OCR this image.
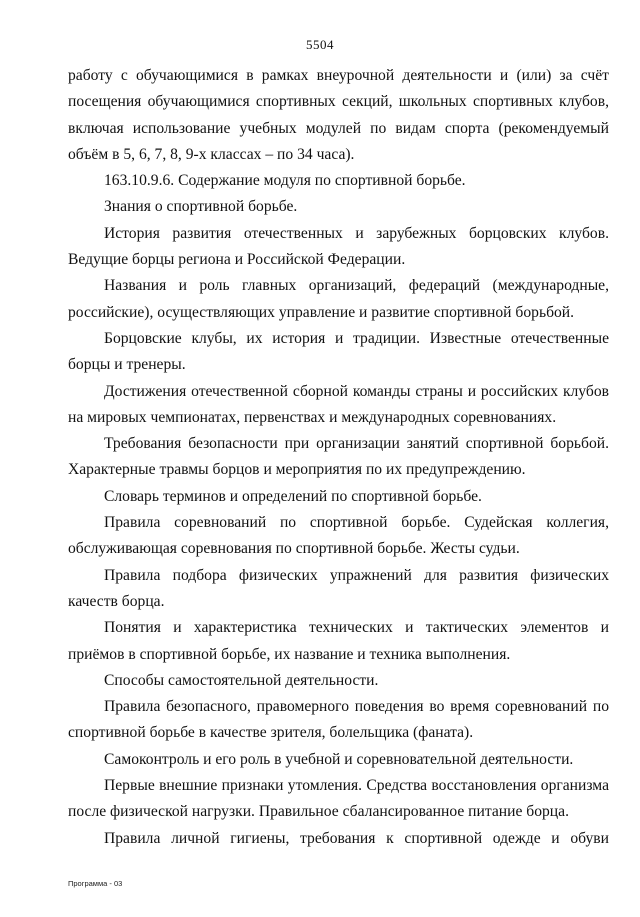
5504

работу с обучающимися в рамках внеурочной деятельности и (или) за счёт посещения обучающимися спортивных секций, школьных спортивных клубов, включая использование учебных модулей по видам спорта (рекомендуемый объём в 5, 6, 7, 8, 9-х классах – по 34 часа).

163.10.9.6. Содержание модуля по спортивной борьбе.

Знания о спортивной борьбе.

История развития отечественных и зарубежных борцовских клубов. Ведущие борцы региона и Российской Федерации.

Названия и роль главных организаций, федераций (международные, российские), осуществляющих управление и развитие спортивной борьбой.

Борцовские клубы, их история и традиции. Известные отечественные борцы и тренеры.

Достижения отечественной сборной команды страны и российских клубов на мировых чемпионатах, первенствах и международных соревнованиях.

Требования безопасности при организации занятий спортивной борьбой. Характерные травмы борцов и мероприятия по их предупреждению.

Словарь терминов и определений по спортивной борьбе.

Правила соревнований по спортивной борьбе. Судейская коллегия, обслуживающая соревнования по спортивной борьбе. Жесты судьи.

Правила подбора физических упражнений для развития физических качеств борца.

Понятия и характеристика технических и тактических элементов и приёмов в спортивной борьбе, их название и техника выполнения.

Способы самостоятельной деятельности.

Правила безопасного, правомерного поведения во время соревнований по спортивной борьбе в качестве зрителя, болельщика (фаната).

Самоконтроль и его роль в учебной и соревновательной деятельности.

Первые внешние признаки утомления. Средства восстановления организма после физической нагрузки. Правильное сбалансированное питание борца.

Правила личной гигиены, требования к спортивной одежде и обуви

Программа - 03
